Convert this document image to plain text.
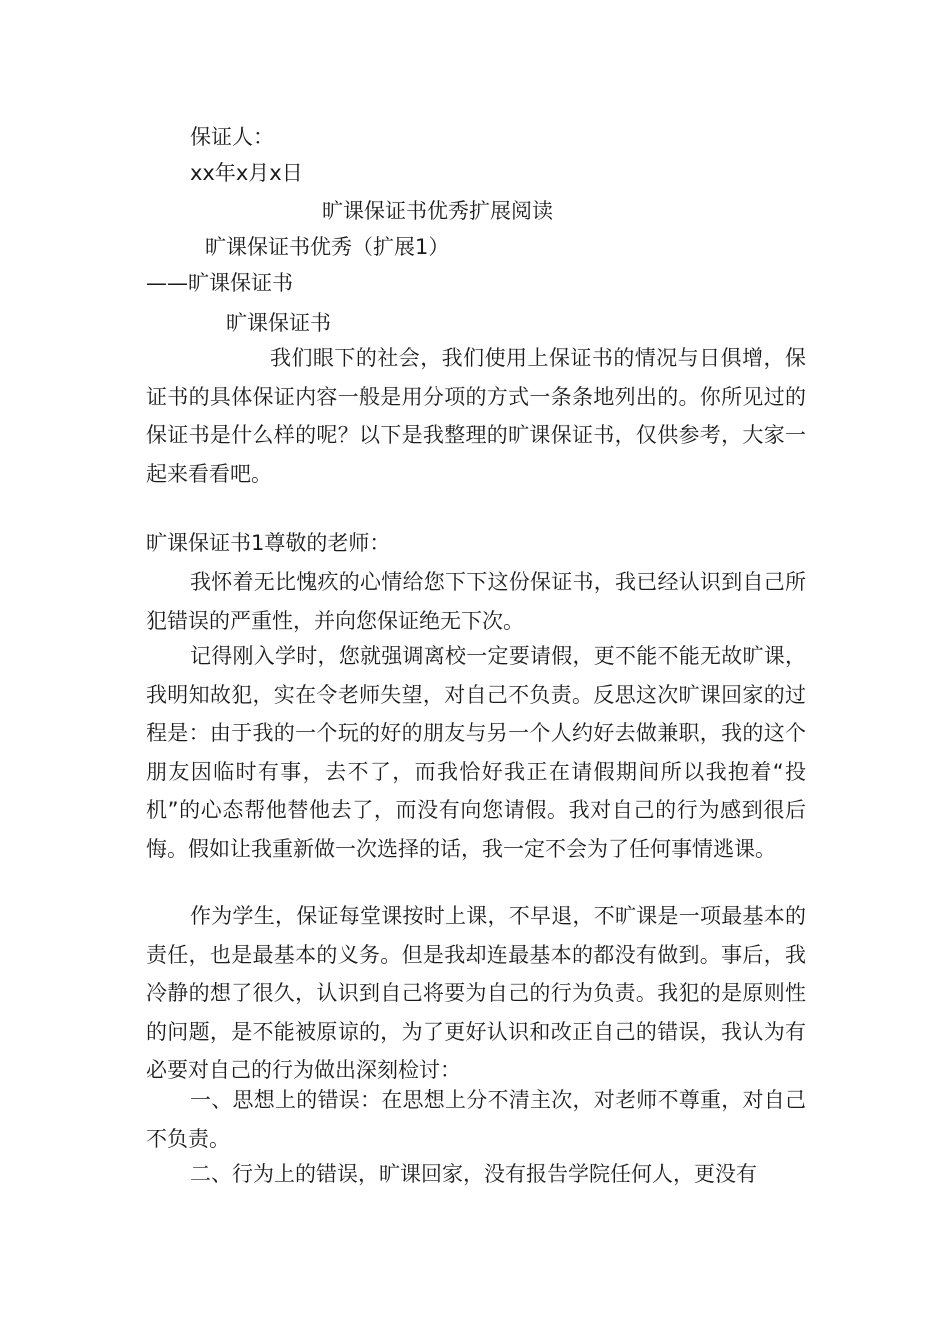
保证人：
xx年x月x日
旷课保证书优秀扩展阅读
旷课保证书优秀（扩展1）
——旷课保证书
旷课保证书
我们眼下的社会，我们使用上保证书的情况与日俱增，保证书的具体保证内容一般是用分项的方式一条条地列出的。你所见过的保证书是什么样的呢？以下是我整理的旷课保证书，仅供参考，大家一起来看看吧。
旷课保证书1尊敬的老师：
我怀着无比愧疚的心情给您下下这份保证书，我已经认识到自己所犯错误的严重性，并向您保证绝无下次。
记得刚入学时，您就强调离校一定要请假，更不能不能无故旷课，我明知故犯，实在令老师失望，对自己不负责。反思这次旷课回家的过程是：由于我的一个玩的好的朋友与另一个人约好去做兼职，我的这个朋友因临时有事，去不了，而我恰好我正在请假期间所以我抱着“投机”的心态帮他替他去了，而没有向您请假。我对自己的行为感到很后悔。假如让我重新做一次选择的话，我一定不会为了任何事情逃课。
作为学生，保证每堂课按时上课，不早退，不旷课是一项最基本的责任，也是最基本的义务。但是我却连最基本的都没有做到。事后，我冷静的想了很久，认识到自己将要为自己的行为负责。我犯的是原则性的问题，是不能被原谅的，为了更好认识和改正自己的错误，我认为有必要对自己的行为做出深刻检讨：
一、思想上的错误：在思想上分不清主次，对老师不尊重，对自己不负责。
二、行为上的错误，旷课回家，没有报告学院任何人，更没有
